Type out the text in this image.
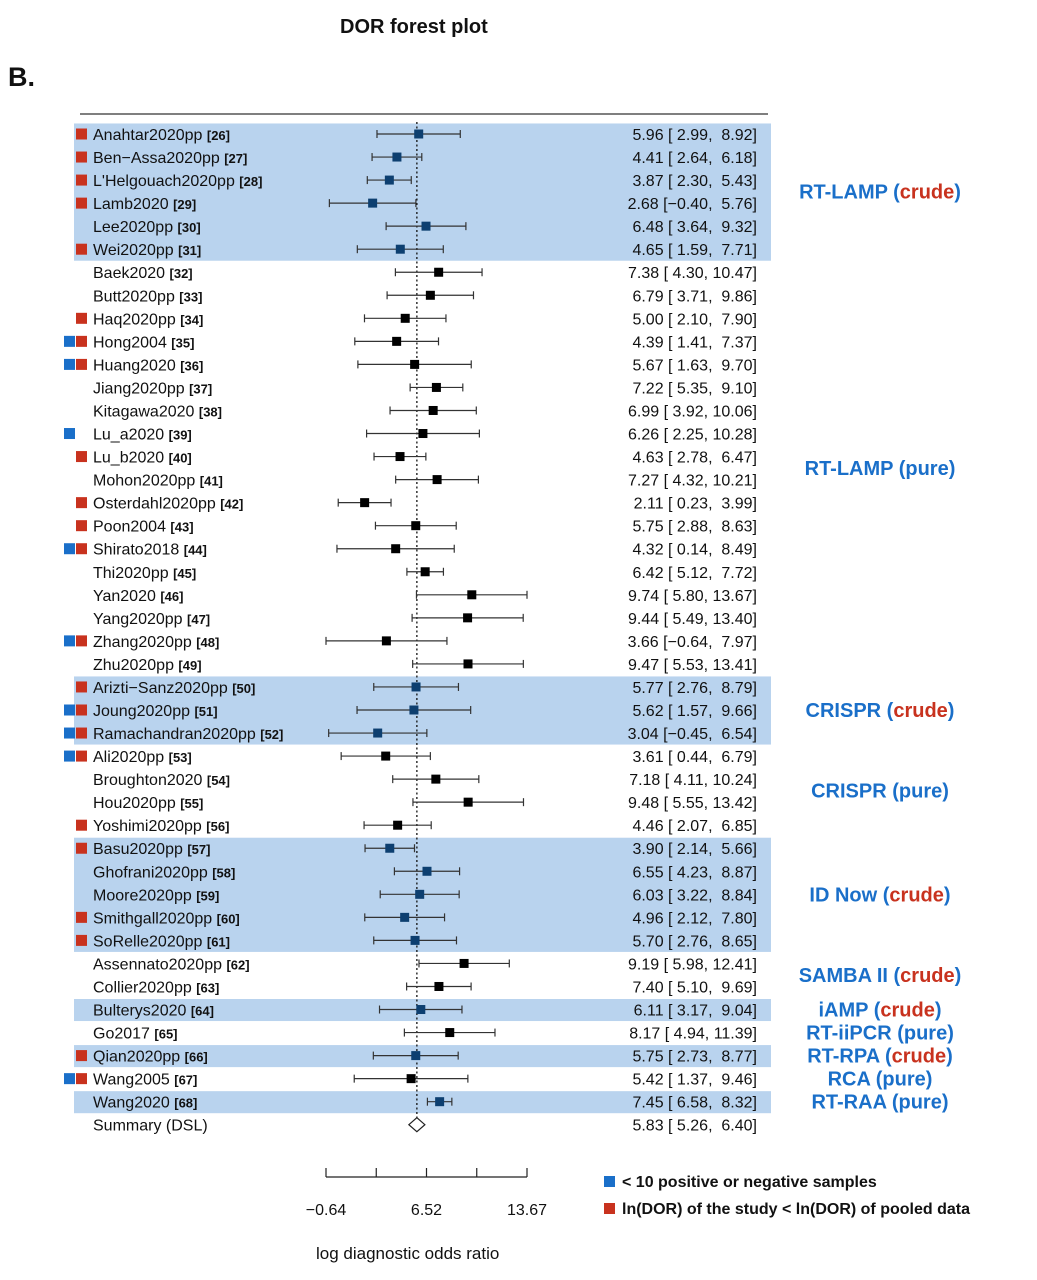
DOR forest plot
B.
log diagnostic odds ratio
Anahtar2020pp [26]	5.96 [ 2.99,  8.92]
Ben−Assa2020pp [27]	4.41 [ 2.64,  6.18]
L'Helgouach2020pp [28]	3.87 [ 2.30,  5.43]
Lamb2020 [29]	2.68 [−0.40,  5.76]
Lee2020pp [30]	6.48 [ 3.64,  9.32]
Wei2020pp [31]	4.65 [ 1.59,  7.71]
Baek2020 [32]	7.38 [ 4.30, 10.47]
Butt2020pp [33]	6.79 [ 3.71,  9.86]
Haq2020pp [34]	5.00 [ 2.10,  7.90]
Hong2004 [35]	4.39 [ 1.41,  7.37]
Huang2020 [36]	5.67 [ 1.63,  9.70]
Jiang2020pp [37]	7.22 [ 5.35,  9.10]
Kitagawa2020 [38]	6.99 [ 3.92, 10.06]
Lu_a2020 [39]	6.26 [ 2.25, 10.28]
Lu_b2020 [40]	4.63 [ 2.78,  6.47]
Mohon2020pp [41]	7.27 [ 4.32, 10.21]
Osterdahl2020pp [42]	2.11 [ 0.23,  3.99]
Poon2004 [43]	5.75 [ 2.88,  8.63]
Shirato2018 [44]	4.32 [ 0.14,  8.49]
Thi2020pp [45]	6.42 [ 5.12,  7.72]
Yan2020 [46]	9.74 [ 5.80, 13.67]
Yang2020pp [47]	9.44 [ 5.49, 13.40]
Zhang2020pp [48]	3.66 [−0.64,  7.97]
Zhu2020pp [49]	9.47 [ 5.53, 13.41]
Arizti−Sanz2020pp [50]	5.77 [ 2.76,  8.79]
Joung2020pp [51]	5.62 [ 1.57,  9.66]
Ramachandran2020pp [52]	3.04 [−0.45,  6.54]
Ali2020pp [53]	3.61 [ 0.44,  6.79]
Broughton2020 [54]	7.18 [ 4.11, 10.24]
Hou2020pp [55]	9.48 [ 5.55, 13.42]
Yoshimi2020pp [56]	4.46 [ 2.07,  6.85]
Basu2020pp [57]	3.90 [ 2.14,  5.66]
Ghofrani2020pp [58]	6.55 [ 4.23,  8.87]
Moore2020pp [59]	6.03 [ 3.22,  8.84]
Smithgall2020pp [60]	4.96 [ 2.12,  7.80]
SoRelle2020pp [61]	5.70 [ 2.76,  8.65]
Assennato2020pp [62]	9.19 [ 5.98, 12.41]
Collier2020pp [63]	7.40 [ 5.10,  9.69]
Bulterys2020 [64]	6.11 [ 3.17,  9.04]
Go2017 [65]	8.17 [ 4.94, 11.39]
Qian2020pp [66]	5.75 [ 2.73,  8.77]
Wang2005 [67]	5.42 [ 1.37,  9.46]
Wang2020 [68]	7.45 [ 6.58,  8.32]
Summary (DSL)	5.83 [ 5.26,  6.40]
RT-LAMP (crude)
RT-LAMP (pure)
CRISPR (crude)
CRISPR (pure)
ID Now (crude)
SAMBA II (crude)
iAMP (crude)
RT-iiPCR (pure)
RT-RPA (crude)
RCA (pure)
RT-RAA (pure)
−0.64	6.52	13.67
< 10 positive or negative samples
ln(DOR) of the study < ln(DOR) of pooled data
